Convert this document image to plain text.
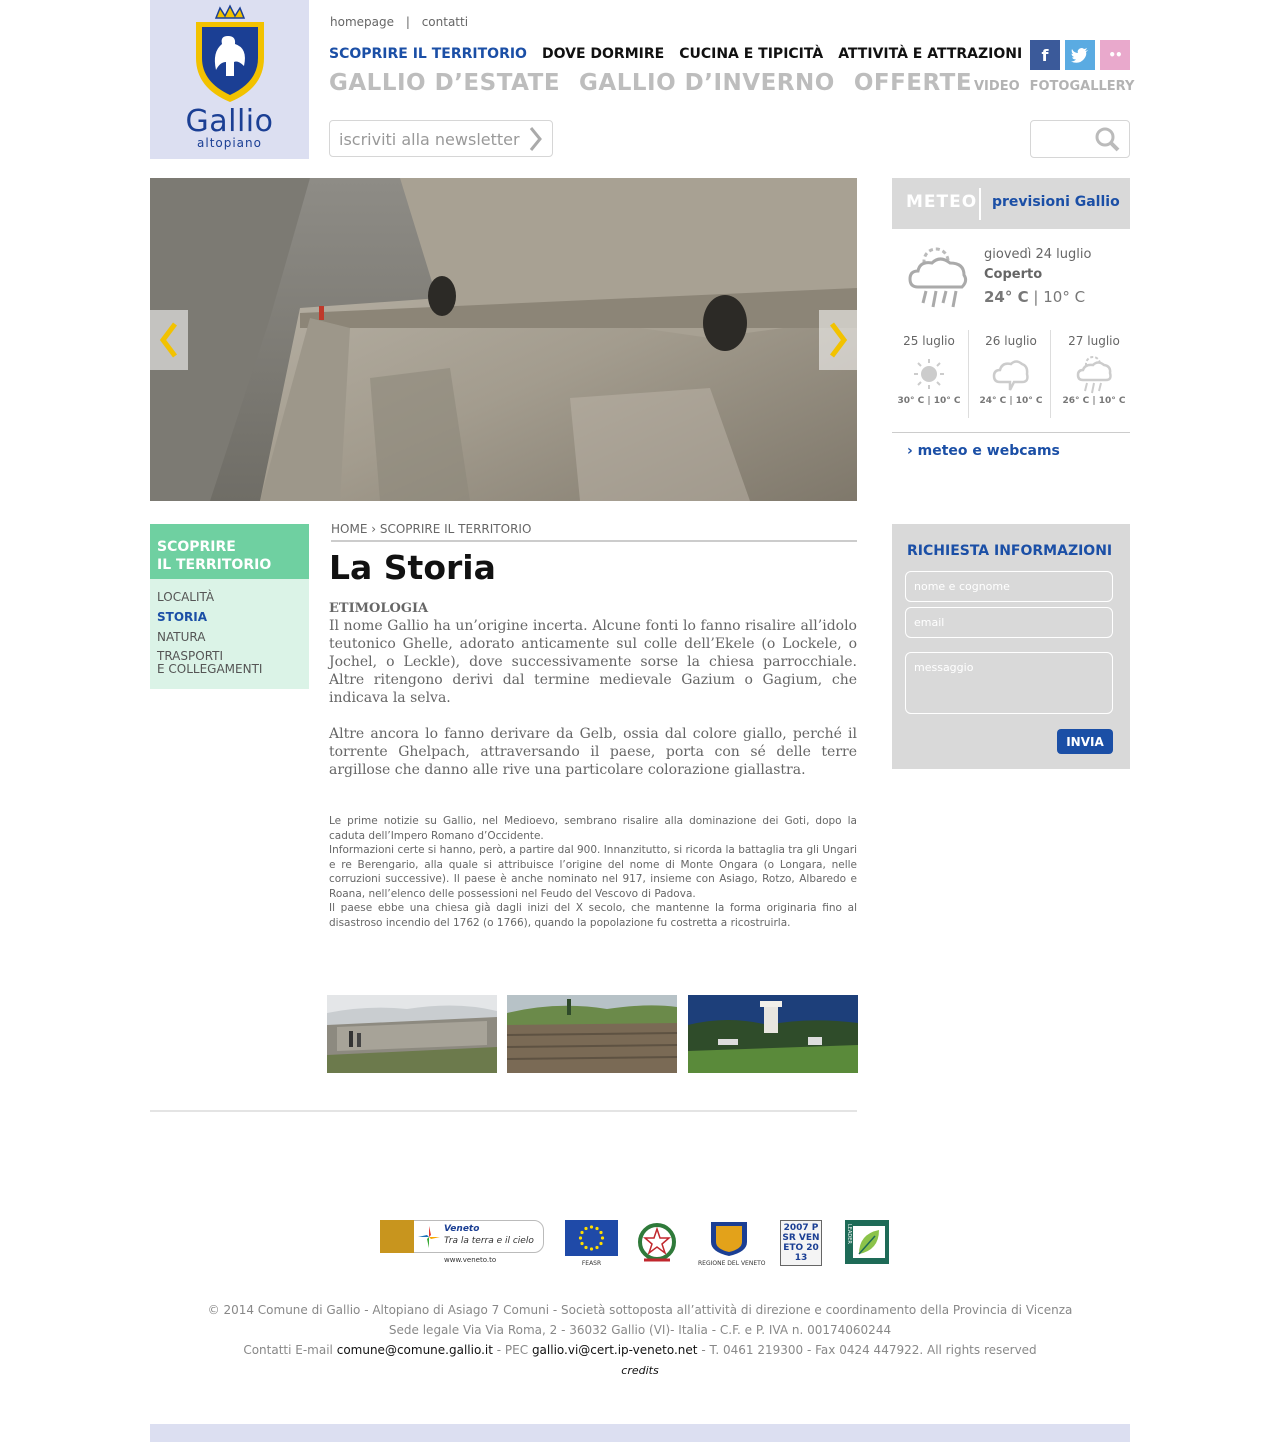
Gallio
altopiano
homepage | contatti
SCOPRIRE IL TERRITORIO DOVE DORMIRE CUCINA E TIPICITÀ ATTIVITÀ E ATTRAZIONI
GALLIO D’ESTATE GALLIO D’INVERNO OFFERTE
f	••
VIDEO FOTOGALLERY
iscriviti alla newsletter
METEO previsioni Gallio
giovedì 24 luglio
Coperto
24° C | 10° C
25 luglio
30° C | 10° C
26 luglio
24° C | 10° C
27 luglio
26° C | 10° C
› meteo e webcams
SCOPRIRE
IL TERRITORIO
LOCALITÀ
STORIA
NATURA
TRASPORTI
E COLLEGAMENTI
HOME › SCOPRIRE IL TERRITORIO
La Storia
ETIMOLOGIA
Il nome Gallio ha un’origine incerta. Alcune fonti lo fanno risalire all’idolo teutonico Ghelle, adorato anticamente sul colle dell’Ekele (o Lockele, o Jochel, o Leckle), dove successivamente sorse la chiesa parrocchiale. Altre ritengono derivi dal termine medievale Gazium o Gagium, che indicava la selva.
Altre ancora lo fanno derivare da Gelb, ossia dal colore giallo, perché il torrente Ghelpach, attraversando il paese, porta con sé delle terre argillose che danno alle rive una particolare colorazione giallastra.
Le prime notizie su Gallio, nel Medioevo, sembrano risalire alla dominazione dei Goti, dopo la caduta dell’Impero Romano d’Occidente.
Informazioni certe si hanno, però, a partire dal 900. Innanzitutto, si ricorda la battaglia tra gli Ungari e re Berengario, alla quale si attribuisce l’origine del nome di Monte Ongara (o Longara, nelle corruzioni successive). Il paese è anche nominato nel 917, insieme con Asiago, Rotzo, Albaredo e Roana, nell’elenco delle possessioni nel Feudo del Vescovo di Padova.
Il paese ebbe una chiesa già dagli inizi del X secolo, che mantenne la forma originaria fino al disastroso incendio del 1762 (o 1766), quando la popolazione fu costretta a ricostruirla.
RICHIESTA INFORMAZIONI
nome e cognome
email
messaggio
INVIA
Veneto
Tra la terra e il cielo
www.veneto.to	FEASR	REGIONE DEL VENETO
2007 PSR VENETO 2013
LEADER
© 2014 Comune di Gallio - Altopiano di Asiago 7 Comuni - Società sottoposta all’attività di direzione e coordinamento della Provincia di Vicenza
Sede legale Via Via Roma, 2 - 36032 Gallio (VI)- Italia - C.F. e P. IVA n. 00174060244
Contatti E-mail comune@comune.gallio.it - PEC gallio.vi@cert.ip-veneto.net - T. 0461 219300 - Fax 0424 447922. All rights reserved
credits
